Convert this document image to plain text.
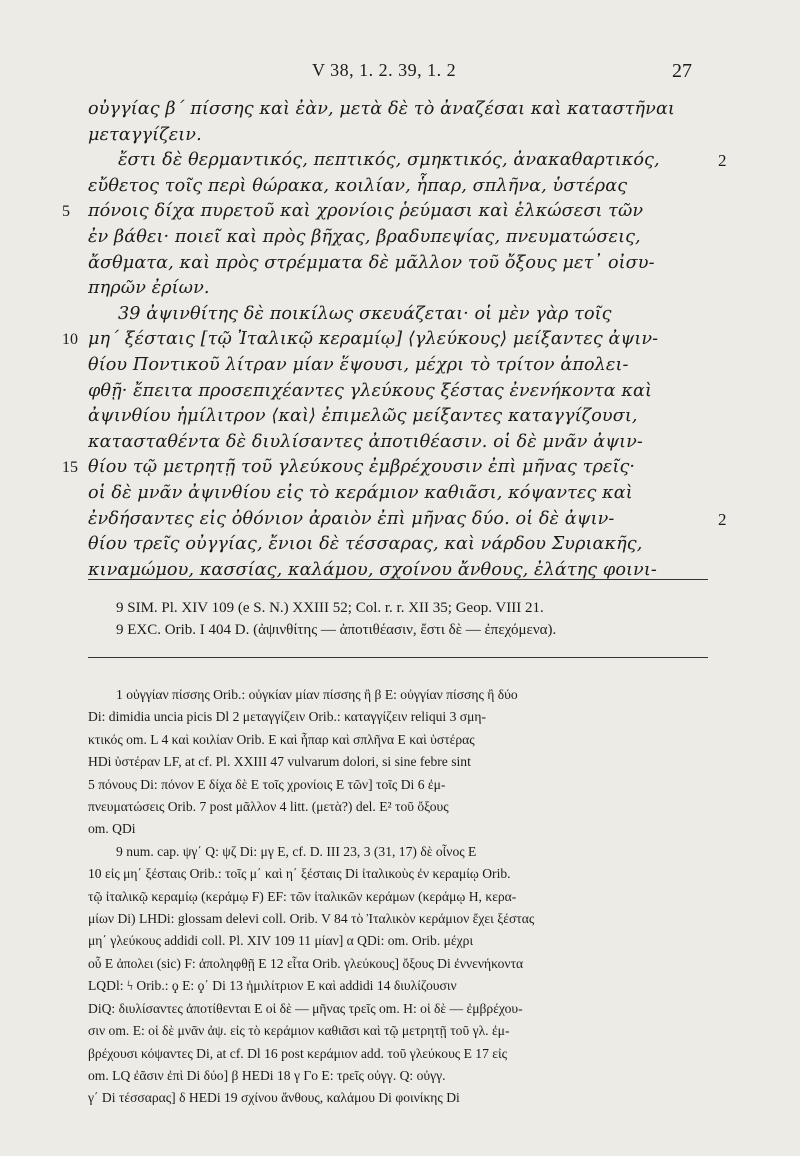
V 38, 1. 2. 39, 1. 2	27
οὐγγίας β΄ πίσσης καὶ ἐὰν, μετὰ δὲ τὸ ἀναζέσαι καὶ καταστῆναι
μεταγγίζειν.
ἔστι δὲ θερμαντικός, πεπτικός, σμηκτικός, ἀνακαθαρτικός,
εὔθετος τοῖς περὶ θώρακα, κοιλίαν, ἧπαρ, σπλῆνα, ὑστέρας
πόνοις δίχα πυρετοῦ καὶ χρονίοις ῥεύμασι καὶ ἑλκώσεσι τῶν
ἐν βάθει· ποιεῖ καὶ πρὸς βῆχας, βραδυπεψίας, πνευματώσεις,
ἄσθματα, καὶ πρὸς στρέμματα δὲ μᾶλλον τοῦ ὄξους μετ᾽ οἰσυ-
πηρῶν ἐρίων.
39 ἀψινθίτης δὲ ποικίλως σκευάζεται· οἱ μὲν γὰρ τοῖς
μη΄ ξέσταις [τῷ Ἰταλικῷ κεραμίῳ] ⟨γλεύκους⟩ μείξαντες ἀψιν-
θίου Ποντικοῦ λίτραν μίαν ἕψουσι, μέχρι τὸ τρίτον ἀπολει-
φθῇ· ἔπειτα προσεπιχέαντες γλεύκους ξέστας ἐνενήκοντα καὶ
ἀψινθίου ἡμίλιτρον ⟨καὶ⟩ ἐπιμελῶς μείξαντες καταγγίζουσι,
κατασταθέντα δὲ διυλίσαντες ἀποτιθέασιν. οἱ δὲ μνᾶν ἀψιν-
θίου τῷ μετρητῇ τοῦ γλεύκους ἐμβρέχουσιν ἐπὶ μῆνας τρεῖς·
οἱ δὲ μνᾶν ἀψινθίου εἰς τὸ κεράμιον καθιᾶσι, κόψαντες καὶ
ἐνδήσαντες εἰς ὀθόνιον ἀραιὸν ἐπὶ μῆνας δύο. οἱ δὲ ἀψιν-
θίου τρεῖς οὐγγίας, ἔνιοι δὲ τέσσαρας, καὶ νάρδου Συριακῆς,
κιναμώμου, κασσίας, καλάμου, σχοίνου ἄνθους, ἐλάτης φοινι-
2
5
10
15
2
9 SIM. Pl. XIV 109 (e S. N.) XXIII 52; Col. r. r. XII 35; Geop. VIII 21.
9 EXC. Orib. I 404 D. (ἀψινθίτης — ἀποτιθέασιν, ἔστι δὲ — ἐπεχόμενα).
1 οὐγγίαν πίσσης Orib.: οὐγκίαν μίαν πίσσης ἢ β E: οὐγγίαν πίσσης ἢ δύο
Di: dimidia uncia picis Dl 2 μεταγγίζειν Orib.: καταγγίζειν reliqui 3 σμη-
κτικός om. L 4 καὶ κοιλίαν Orib. E καὶ ἧπαρ καὶ σπλῆνα E καὶ ὑστέρας
HDi ὑστέραν LF, at cf. Pl. XXIII 47 vulvarum dolori, si sine febre sint
5 πόνους Di: πόνον E δίχα δὲ E τοῖς χρονίοις E τῶν] τοῖς Di 6 ἐμ-
πνευματώσεις Orib. 7 post μᾶλλον 4 litt. (μετὰ?) del. E² τοῦ ὄξους
om. QDi
9 num. cap. ψγ΄ Q: ψζ Di: μγ E, cf. D. III 23, 3 (31, 17) δὲ οἶνος E
10 εἰς μη΄ ξέσταις Orib.: τοῖς μ΄ καὶ η΄ ξέσταις Di ἰταλικοὺς ἐν κεραμίῳ Orib.
τῷ ἰταλικῷ κεραμίῳ (κεράμῳ F) EF: τῶν ἰταλικῶν κεράμων (κεράμῳ H, κερα-
μίων Di) LHDi: glossam delevi coll. Orib. V 84 τὸ Ἰταλικὸν κεράμιον ἔχει ξέστας
μη΄ γλεύκους addidi coll. Pl. XIV 109 11 μίαν] α QDi: om. Orib. μέχρι
οὗ E ἀπολει (sic) F: ἀποληφθῇ E 12 εἶτα Orib. γλεύκους] ὄξους Di ἐννενήκοντα
LQDl: ϟ Orib.: ϙ E: ϙ΄ Di 13 ἡμιλίτριον E καὶ addidi 14 διυλίζουσιν
DiQ: διυλίσαντες ἀποτίθενται E οἱ δὲ — μῆνας τρεῖς om. H: οἱ δὲ — ἐμβρέχου-
σιν om. E: οἱ δὲ μνᾶν ἀψ. εἰς τὸ κεράμιον καθιᾶσι καὶ τῷ μετρητῇ τοῦ γλ. ἐμ-
βρέχουσι κόψαντες Di, at cf. Dl 16 post κεράμιον add. τοῦ γλεύκους E 17 εἰς
om. LQ ἐᾶσιν ἐπὶ Di δύο] β HEDi 18 γ Γο E: τρεῖς οὐγγ. Q: οὐγγ.
γ΄ Di τέσσαρας] δ HEDi 19 σχίνου ἄνθους, καλάμου Di φοινίκης Di
